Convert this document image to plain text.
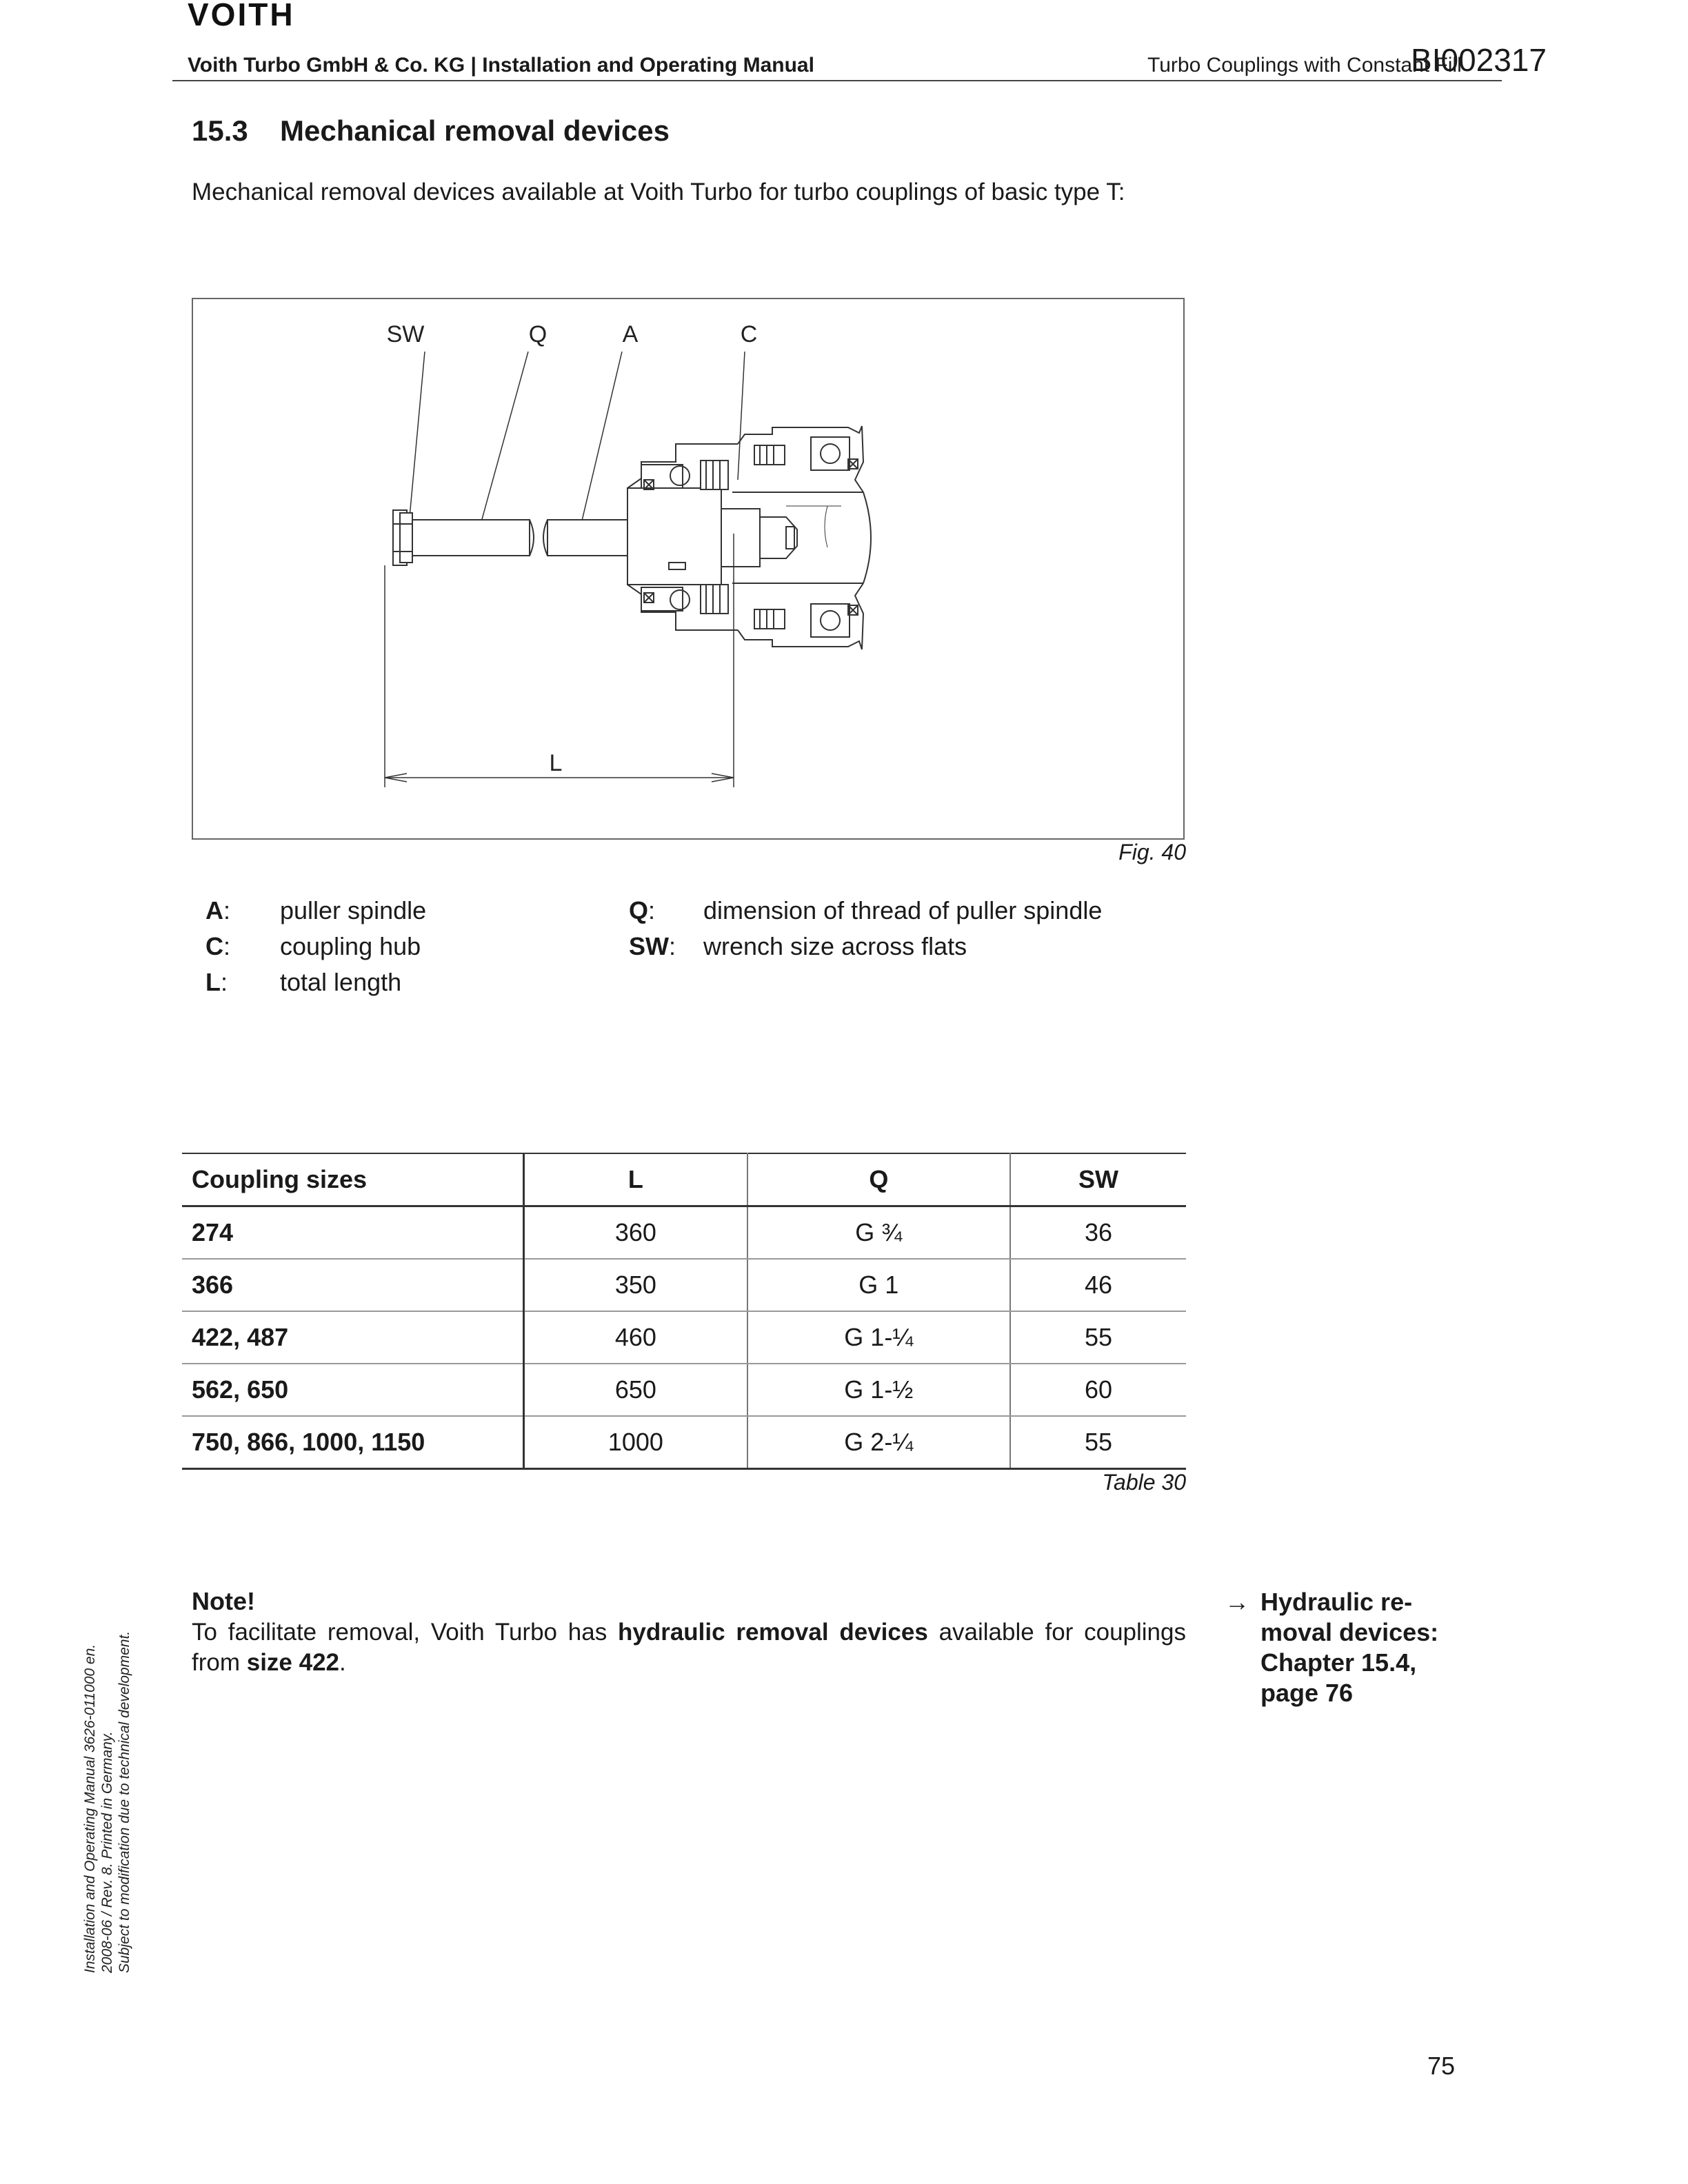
VOITH
Voith Turbo GmbH & Co. KG | Installation and Operating Manual	Turbo Couplings with Constant Fill
BI002317
15.3 Mechanical removal devices
Mechanical removal devices available at Voith Turbo for turbo couplings of basic type T:
SW	Q	A	C
L
Fig. 40
A: puller spindle
C: coupling hub
L: total length
Q: dimension of thread of puller spindle
SW: wrench size across flats
Coupling sizes	L	Q	SW
274	360	G ¾	36
366	350	G 1	46
422, 487	460	G 1-¼	55
562, 650	650	G 1-½	60
750, 866, 1000, 1150	1000	G 2-¼	55
Table 30
Note!
To facilitate removal, Voith Turbo has hydraulic removal devices available for couplings from size 422.
→ Hydraulic re-
moval devices:
Chapter 15.4,
page 76
Installation and Operating Manual 3626-011000 en. 2008-06 / Rev. 8. Printed in Germany. Subject to modification due to technical development.
75
